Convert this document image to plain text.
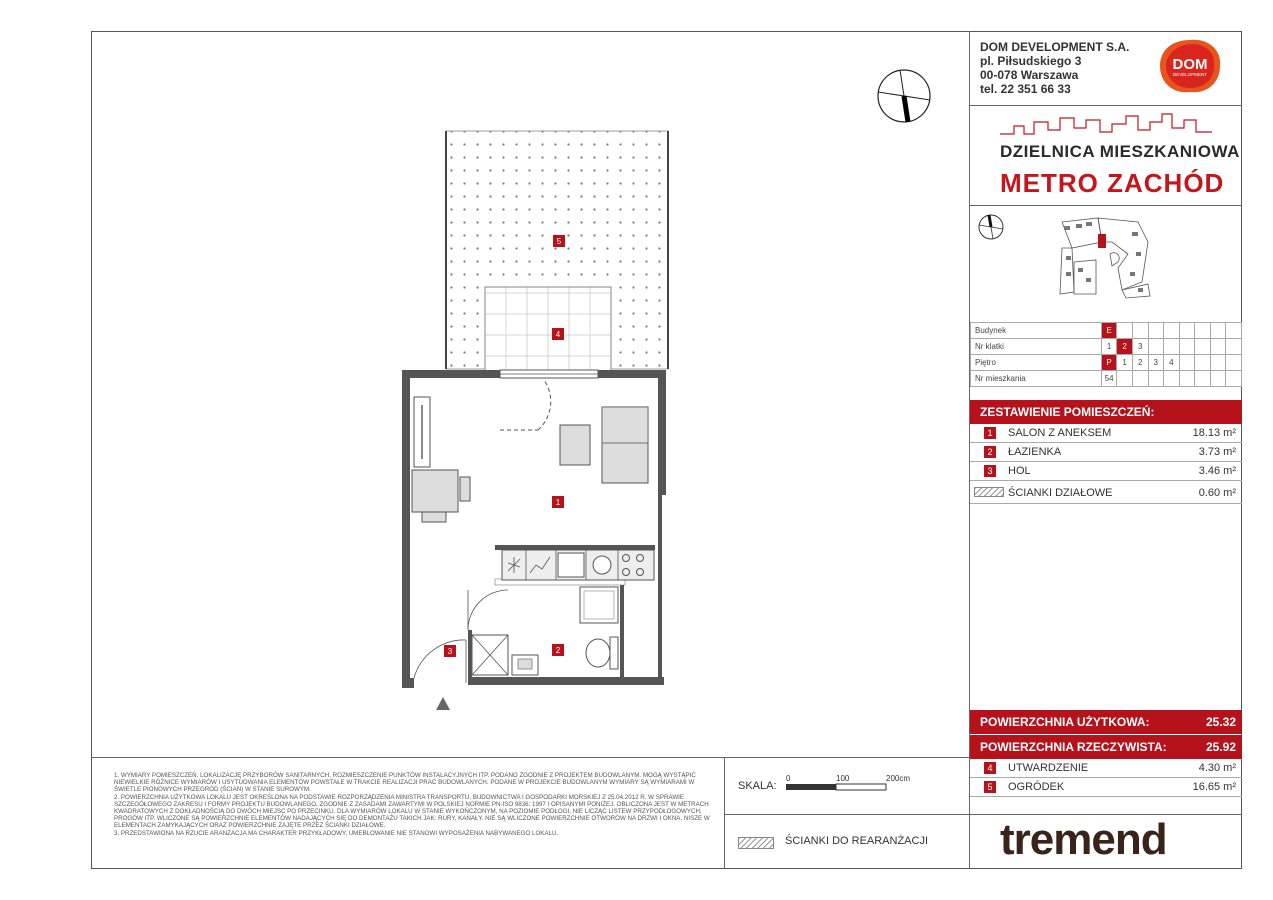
DOM DEVELOPMENT S.A.
pl. Piłsudskiego 3
00-078 Warszawa
tel. 22 351 66 33
DOM
DEVELOPMENT
DZIELNICA MIESZKANIOWA
METRO ZACHÓD
Budynek	E								
Nr klatki	1	2	3						
Piętro	P	1	2	3	4				
Nr mieszkania	54								
ZESTAWIENIE POMIESZCZEŃ:
1	SALON Z ANEKSEM	18.13 m²
2	ŁAZIENKA	3.73 m²
3	HOL	3.46 m²
ŚCIANKI DZIAŁOWE	0.60 m²
POWIERZCHNIA UŻYTKOWA:	25.32
POWIERZCHNIA RZECZYWISTA:	25.92
4	UTWARDZENIE	4.30 m²
5	OGRÓDEK	16.65 m²
tremend

1. WYMIARY POMIESZCZEŃ, LOKALIZACJĘ PRZYBORÓW SANITARNYCH, ROZMIESZCZENIE PUNKTÓW INSTALACYJNYCH ITP. PODANO ZGODNIE Z PROJEKTEM BUDOWLANYM. MOGĄ WYSTĄPIĆ NIEWIELKIE RÓŻNICE WYMIARÓW I USYTUOWANIA ELEMENTÓW POWSTAŁE W TRAKCIE REALIZACJI PRAC BUDOWLANYCH. PODANE W PROJEKCIE BUDOWLANYM WYMIARY SĄ WYMIARAMI W ŚWIETLE PIONOWYCH PRZEGRÓD (ŚCIAN) W STANIE SUROWYM.

2. POWIERZCHNIA UŻYTKOWA LOKALU JEST OKREŚLONA NA PODSTAWIE ROZPORZĄDZENIA MINISTRA TRANSPORTU, BUDOWNICTWA I GOSPODARKI MORSKIEJ Z 25.04.2012 R. W SPRAWIE SZCZEGÓŁOWEGO ZAKRESU I FORMY PROJEKTU BUDOWLANEGO, ZGODNIE Z ZASADAMI ZAWARTYMI W POLSKIEJ NORMIE PN-ISO 9836: 1997 I OPISANYMI PONIŻEJ. OBLICZONA JEST W METRACH KWADRATOWYCH Z DOKŁADNOŚCIĄ DO DWÓCH MIEJSC PO PRZECINKU, DLA WYMIARÓW LOKALU W STANIE WYKOŃCZONYM, NA POZIOMIE PODŁOGI, NIE LICZĄC LISTEW PRZYPODŁOGOWYCH, PROGÓW ITP. WLICZONE SĄ POWIERZCHNIE ELEMENTÓW NADAJĄCYCH SIĘ DO DEMONTAŻU TAKICH JAK: RURY, KANAŁY. NIE SĄ WLICZONE POWIERZCHNIE OTWORÓW NA DRZWI I OKNA, NISZE W ELEMENTACH ZAMYKAJĄCYCH ORAZ POWIERZCHNIE ZAJĘTE PRZEZ ŚCIANKI DZIAŁOWE.

3. PRZEDSTAWIONA NA RZUCIE ARANŻACJA MA CHARAKTER PRZYKŁADOWY, UMEBLOWANIE NIE STANOWI WYPOSAŻENIA NABYWANEGO LOKALU.

SKALA:
0	100	200cm
ŚCIANKI DO REARANŻACJI
5
4
1
2
3
